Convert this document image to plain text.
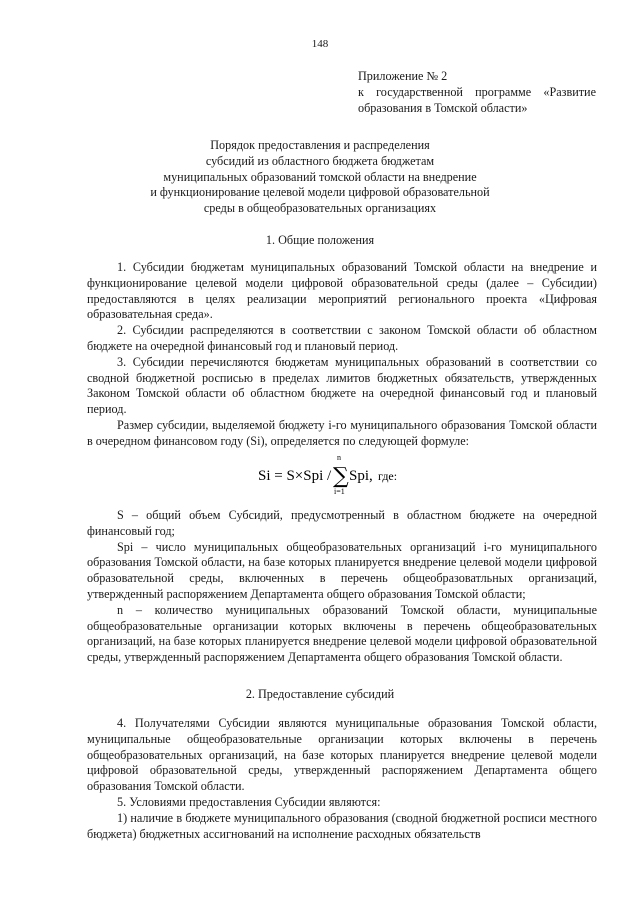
148
Приложение № 2
к государственной программе «Развитие
образования в Томской области»
Порядок предоставления и распределения
субсидий из областного бюджета бюджетам
муниципальных образований томской области на внедрение
и функционирование целевой модели цифровой образовательной
среды в общеобразовательных организациях
1. Общие положения

1. Субсидии бюджетам муниципальных образований Томской области на внедрение и функционирование целевой модели цифровой образовательной среды (далее – Субсидии) предоставляются в целях реализации мероприятий регионального проекта «Цифровая образовательная среда».

2. Субсидии распределяются в соответствии с законом Томской области об областном бюджете на очередной финансовый год и плановый период.

3. Субсидии перечисляются бюджетам муниципальных образований в соответствии со сводной бюджетной росписью в пределах лимитов бюджетных обязательств, утвержденных Законом Томской области об областном бюджете на очередной финансовый год и плановый период.

Размер субсидии, выделяемой бюджету i-го муниципального образования Томской области в очередном финансовом году (Si), определяется по следующей формуле:

Si = S×Spi /
n
∑
i=1
Spi, где:

S – общий объем Субсидий, предусмотренный в областном бюджете на очередной финансовый год;

Spi – число муниципальных общеобразовательных организаций i-го муниципального образования Томской области, на базе которых планируется внедрение целевой модели цифровой образовательной среды, включенных в перечень общеобразоватльных организаций, утвержденный распоряжением Департамента общего образования Томской области;

n – количество муниципальных образований Томской области, муниципальные общеобразовательные организации которых включены в перечень общеобразовательных организаций, на базе которых планируется внедрение целевой модели цифровой образовательной среды, утвержденный распоряжением Департамента общего образования Томской области.

2. Предоставление субсидий

4. Получателями Субсидии являются муниципальные образования Томской области, муниципальные общеобразовательные организации которых включены в перечень общеобразовательных организаций, на базе которых планируется внедрение целевой модели цифровой образовательной среды, утвержденный распоряжением Департамента общего образования Томской области.

5. Условиями предоставления Субсидии являются:

1) наличие в бюджете муниципального образования (сводной бюджетной росписи местного бюджета) бюджетных ассигнований на исполнение расходных обязательств
